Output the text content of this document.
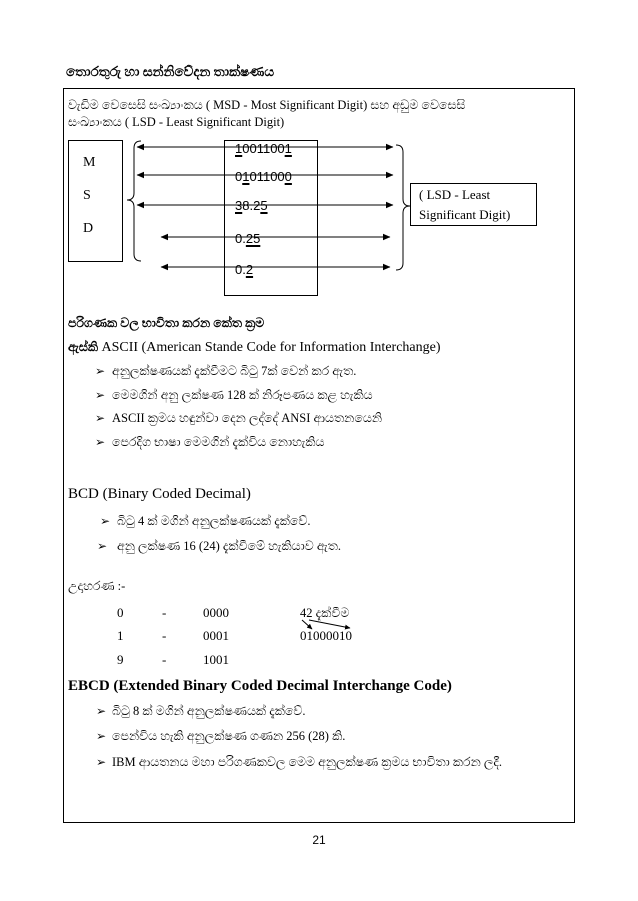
තොරතුරු හා සන්නිවේදන තාක්ෂණය
වැඩිම වෙසෙසි සංඛ්‍යාංකය ( MSD - Most Significant Digit) සහ අඩුම වෙසෙසි
සංඛ්‍යාංකය ( LSD - Least Significant Digit)
M
S
D
10011001
01011000
38.25
0.25
0.2
( LSD - Least Significant Digit)
පරිගණක වල භාවිතා කරන කේත ක්‍රම
ඇස්කි ASCII (American Stande Code for Information Interchange)
➢ අනුලක්ෂණයක් දැක්වීමට බිටු 7ක් වෙන් කර ඇත.
➢ මෙමගින් අනු ලක්ෂණ 128 ක් නිරූපණය කළ හැකිය
➢ ASCII ක්‍රමය හඳුන්වා දෙන ලද්දේ ANSI ආයතනයෙනි
➢ පෙරදිග භාෂා මෙමගින් දැක්විය නොහැකිය
BCD (Binary Coded Decimal)
➢ බිටු 4 ක් මගින් අනුලක්ෂණයක් දැක්වේ.
➢ අනු ලක්ෂණ 16 (24) දැක්වීමේ හැකියාව ඇත.
උදාහරණ :-
0	-	0000	42 දැක්වීම
1	-	0001	01000010
9	-	1001
EBCD (Extended Binary Coded Decimal Interchange Code)
➢ බිටු 8 ක් මගින් අනුලක්ෂණයක් දැක්වේ.
➢ පෙන්විය හැකි අනුලක්ෂණ ගණන 256 (28) කි.
➢ IBM ආයතනය මහා පරිගණකවල මෙම අනුලක්ෂණ ක්‍රමය භාවිතා කරන ලදී.
21
